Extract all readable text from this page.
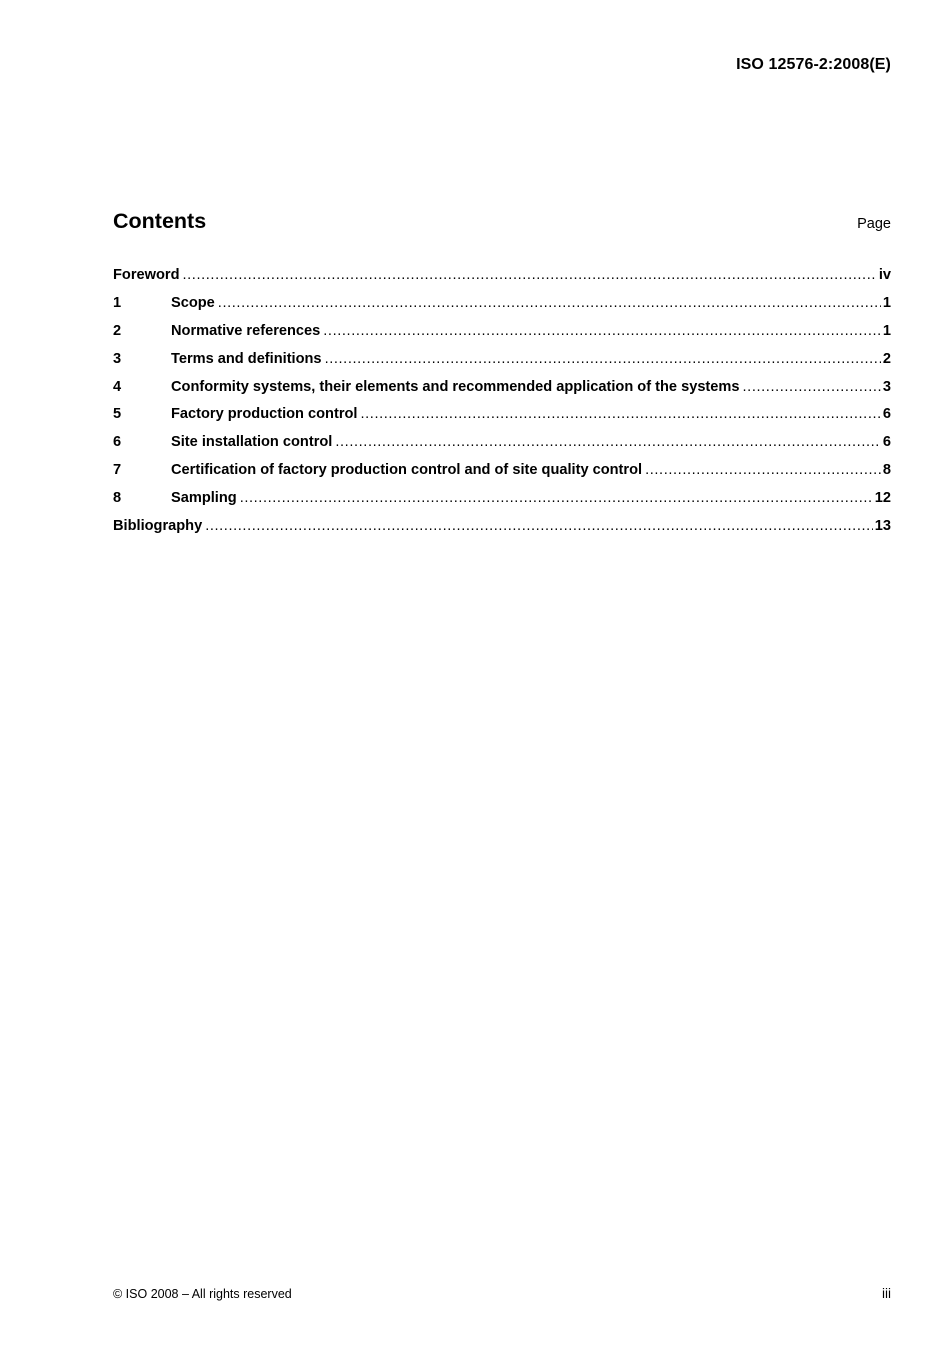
ISO 12576-2:2008(E)
Contents	Page
Foreword .....	iv
1	Scope .....	1
2	Normative references .....	1
3	Terms and definitions .....	2
4	Conformity systems, their elements and recommended application of the systems .....	3
5	Factory production control .....	6
6	Site installation control .....	6
7	Certification of factory production control and of site quality control .....	8
8	Sampling .....	12
Bibliography .....	13
© ISO 2008 – All rights reserved	iii
